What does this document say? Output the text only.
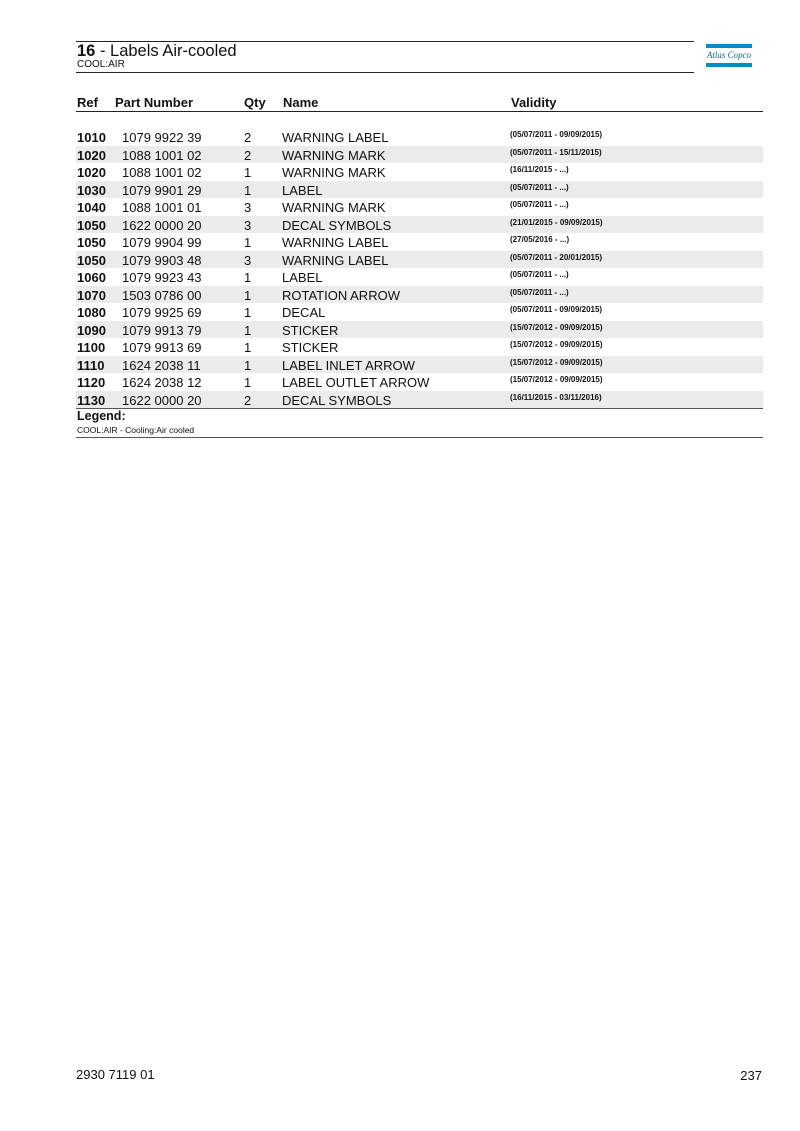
16 - Labels Air-cooled
COOL:AIR
Atlas Copco
Ref Part Number	Qty Name	Validity
1010 1079 9922 39	2 WARNING LABEL	(05/07/2011 - 09/09/2015)
1020 1088 1001 02	2 WARNING MARK	(05/07/2011 - 15/11/2015)
1020 1088 1001 02	1 WARNING MARK	(16/11/2015 - ...)
1030 1079 9901 29	1 LABEL	(05/07/2011 - ...)
1040 1088 1001 01	3 WARNING MARK	(05/07/2011 - ...)
1050 1622 0000 20	3 DECAL SYMBOLS	(21/01/2015 - 09/09/2015)
1050 1079 9904 99	1 WARNING LABEL	(27/05/2016 - ...)
1050 1079 9903 48	3 WARNING LABEL	(05/07/2011 - 20/01/2015)
1060 1079 9923 43	1 LABEL	(05/07/2011 - ...)
1070 1503 0786 00	1 ROTATION ARROW	(05/07/2011 - ...)
1080 1079 9925 69	1 DECAL	(05/07/2011 - 09/09/2015)
1090 1079 9913 79	1 STICKER	(15/07/2012 - 09/09/2015)
1100 1079 9913 69	1 STICKER	(15/07/2012 - 09/09/2015)
1110 1624 2038 11	1 LABEL INLET ARROW	(15/07/2012 - 09/09/2015)
1120 1624 2038 12	1 LABEL OUTLET ARROW	(15/07/2012 - 09/09/2015)
1130 1622 0000 20	2 DECAL SYMBOLS	(16/11/2015 - 03/11/2016)
Legend:
COOL:AIR - Cooling:Air cooled
2930 7119 01	237
